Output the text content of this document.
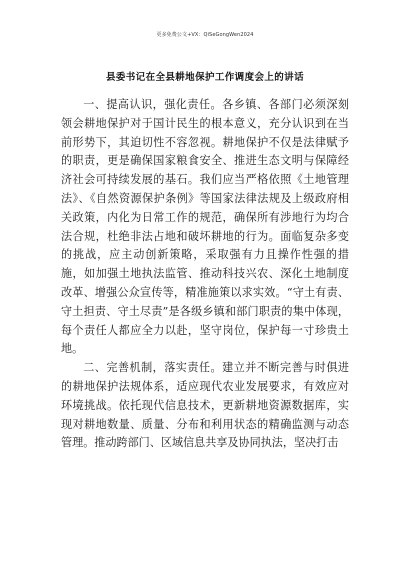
更多免费公文+VX：QiSeGongWen2024
县委书记在全县耕地保护工作调度会上的讲话

一、提高认识，强化责任。各乡镇、各部门必须深刻领会耕地保护对于国计民生的根本意义，充分认识到在当前形势下，其迫切性不容忽视。耕地保护不仅是法律赋予的职责，更是确保国家粮食安全、推进生态文明与保障经济社会可持续发展的基石。我们应当严格依照《土地管理法》、《自然资源保护条例》等国家法律法规及上级政府相关政策，内化为日常工作的规范，确保所有涉地行为均合法合规，杜绝非法占地和破坏耕地的行为。面临复杂多变的挑战，应主动创新策略，采取强有力且操作性强的措施，如加强土地执法监管、推动科技兴农、深化土地制度改革、增强公众宣传等，精准施策以求实效。“守土有责、守土担责、守土尽责”是各级乡镇和部门职责的集中体现，每个责任人都应全力以赴，坚守岗位，保护每一寸珍贵土地。

二、完善机制，落实责任。建立并不断完善与时俱进的耕地保护法规体系，适应现代农业发展要求，有效应对环境挑战。依托现代信息技术，更新耕地资源数据库，实现对耕地数量、质量、分布和利用状态的精确监测与动态管理。推动跨部门、区域信息共享及协同执法，坚决打击
